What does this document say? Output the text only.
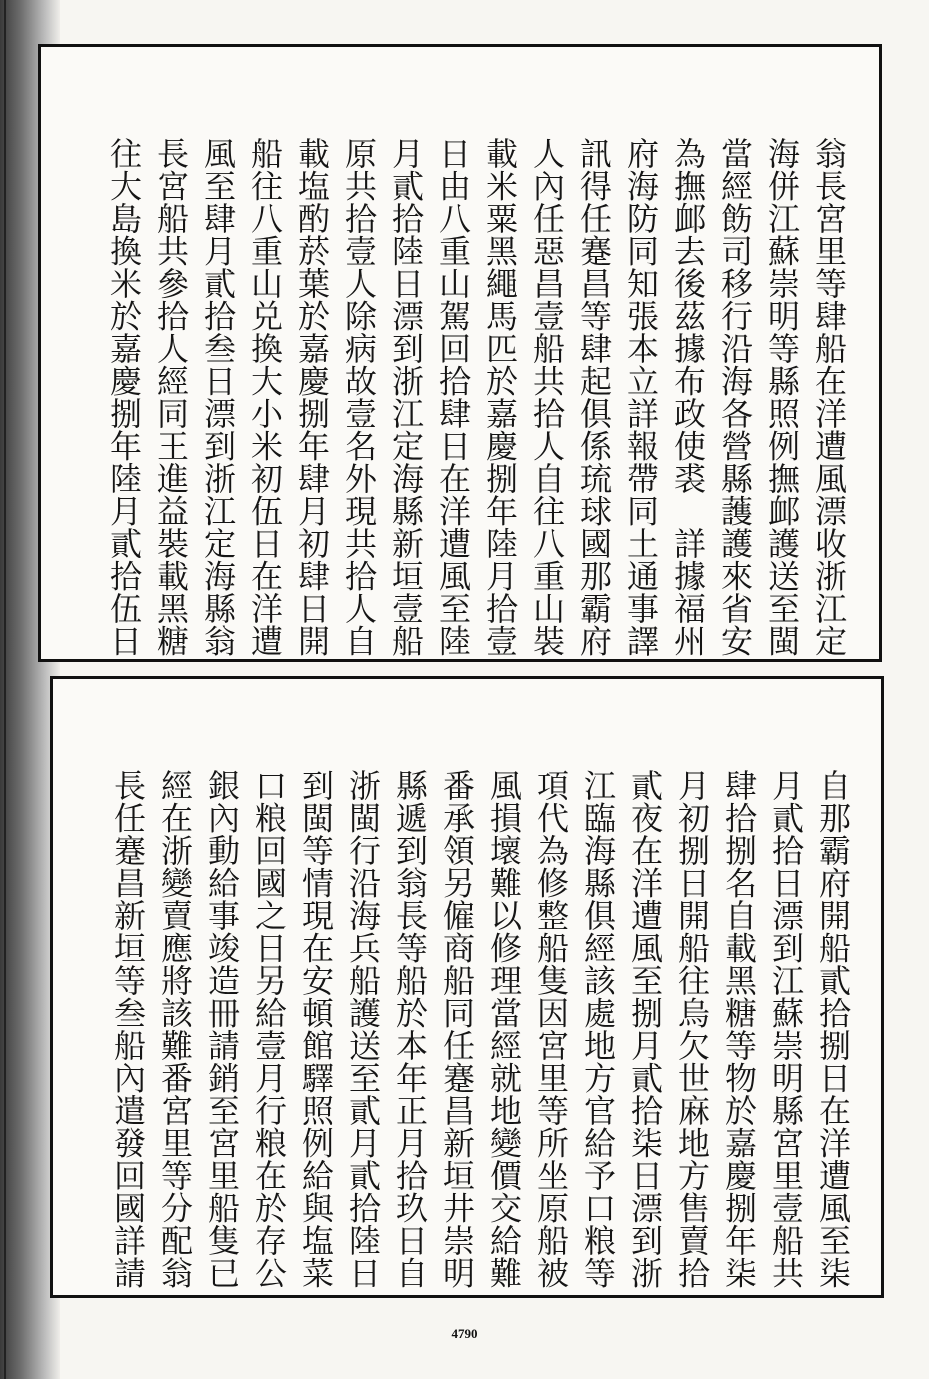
翁長宮里等肆船在洋遭風漂收浙江定
海併江蘇崇明等縣照例撫䘏護送至閩
當經飭司移行沿海各營縣䕶護來省安
為撫䘏去後茲據布政使裘　詳據福州
府海防同知張本立詳報帶同土通事譯
訊得任蹇昌等肆起俱係琉球國那霸府
人內任惡昌壹船共拾人自往八重山裝
載米粟黑繩馬匹於嘉慶捌年陸月拾壹
日由八重山駕回拾肆日在洋遭風至陸
月貳拾陸日漂到浙江定海縣新垣壹船
原共拾壹人除病故壹名外現共拾人自
載塩酌菸葉於嘉慶捌年肆月初肆日開
船往八重山兑換大小米初伍日在洋遭
風至肆月貳拾叁日漂到浙江定海縣翁
長宮船共參拾人經同王進益裝載黑糖
往大島換米於嘉慶捌年陸月貳拾伍日
自那霸府開船貳拾捌日在洋遭風至柒
月貳拾日漂到江蘇崇明縣宮里壹船共
肆拾捌名自載黑糖等物於嘉慶捌年柒
月初捌日開船往烏欠世麻地方售賣拾
貳夜在洋遭風至捌月貳拾柒日漂到浙
江臨海縣俱經該處地方官給予口粮等
項代為修整船隻因宮里等所坐原船被
風損壞難以修理當經就地變價交給難
番承領另僱商船同任蹇昌新垣井崇明
縣遞到翁長等船於本年正月拾玖日自
浙閩行沿海兵船護送至貳月貳拾陸日
到閩等情現在安頓館驛照例給與塩菜
口粮回國之日另給壹月行粮在於存公
銀內動給事竣造冊請銷至宮里船隻已
經在浙變賣應將該難番宮里等分配翁
長任蹇昌新垣等叁船內遣發回國詳請
4790
